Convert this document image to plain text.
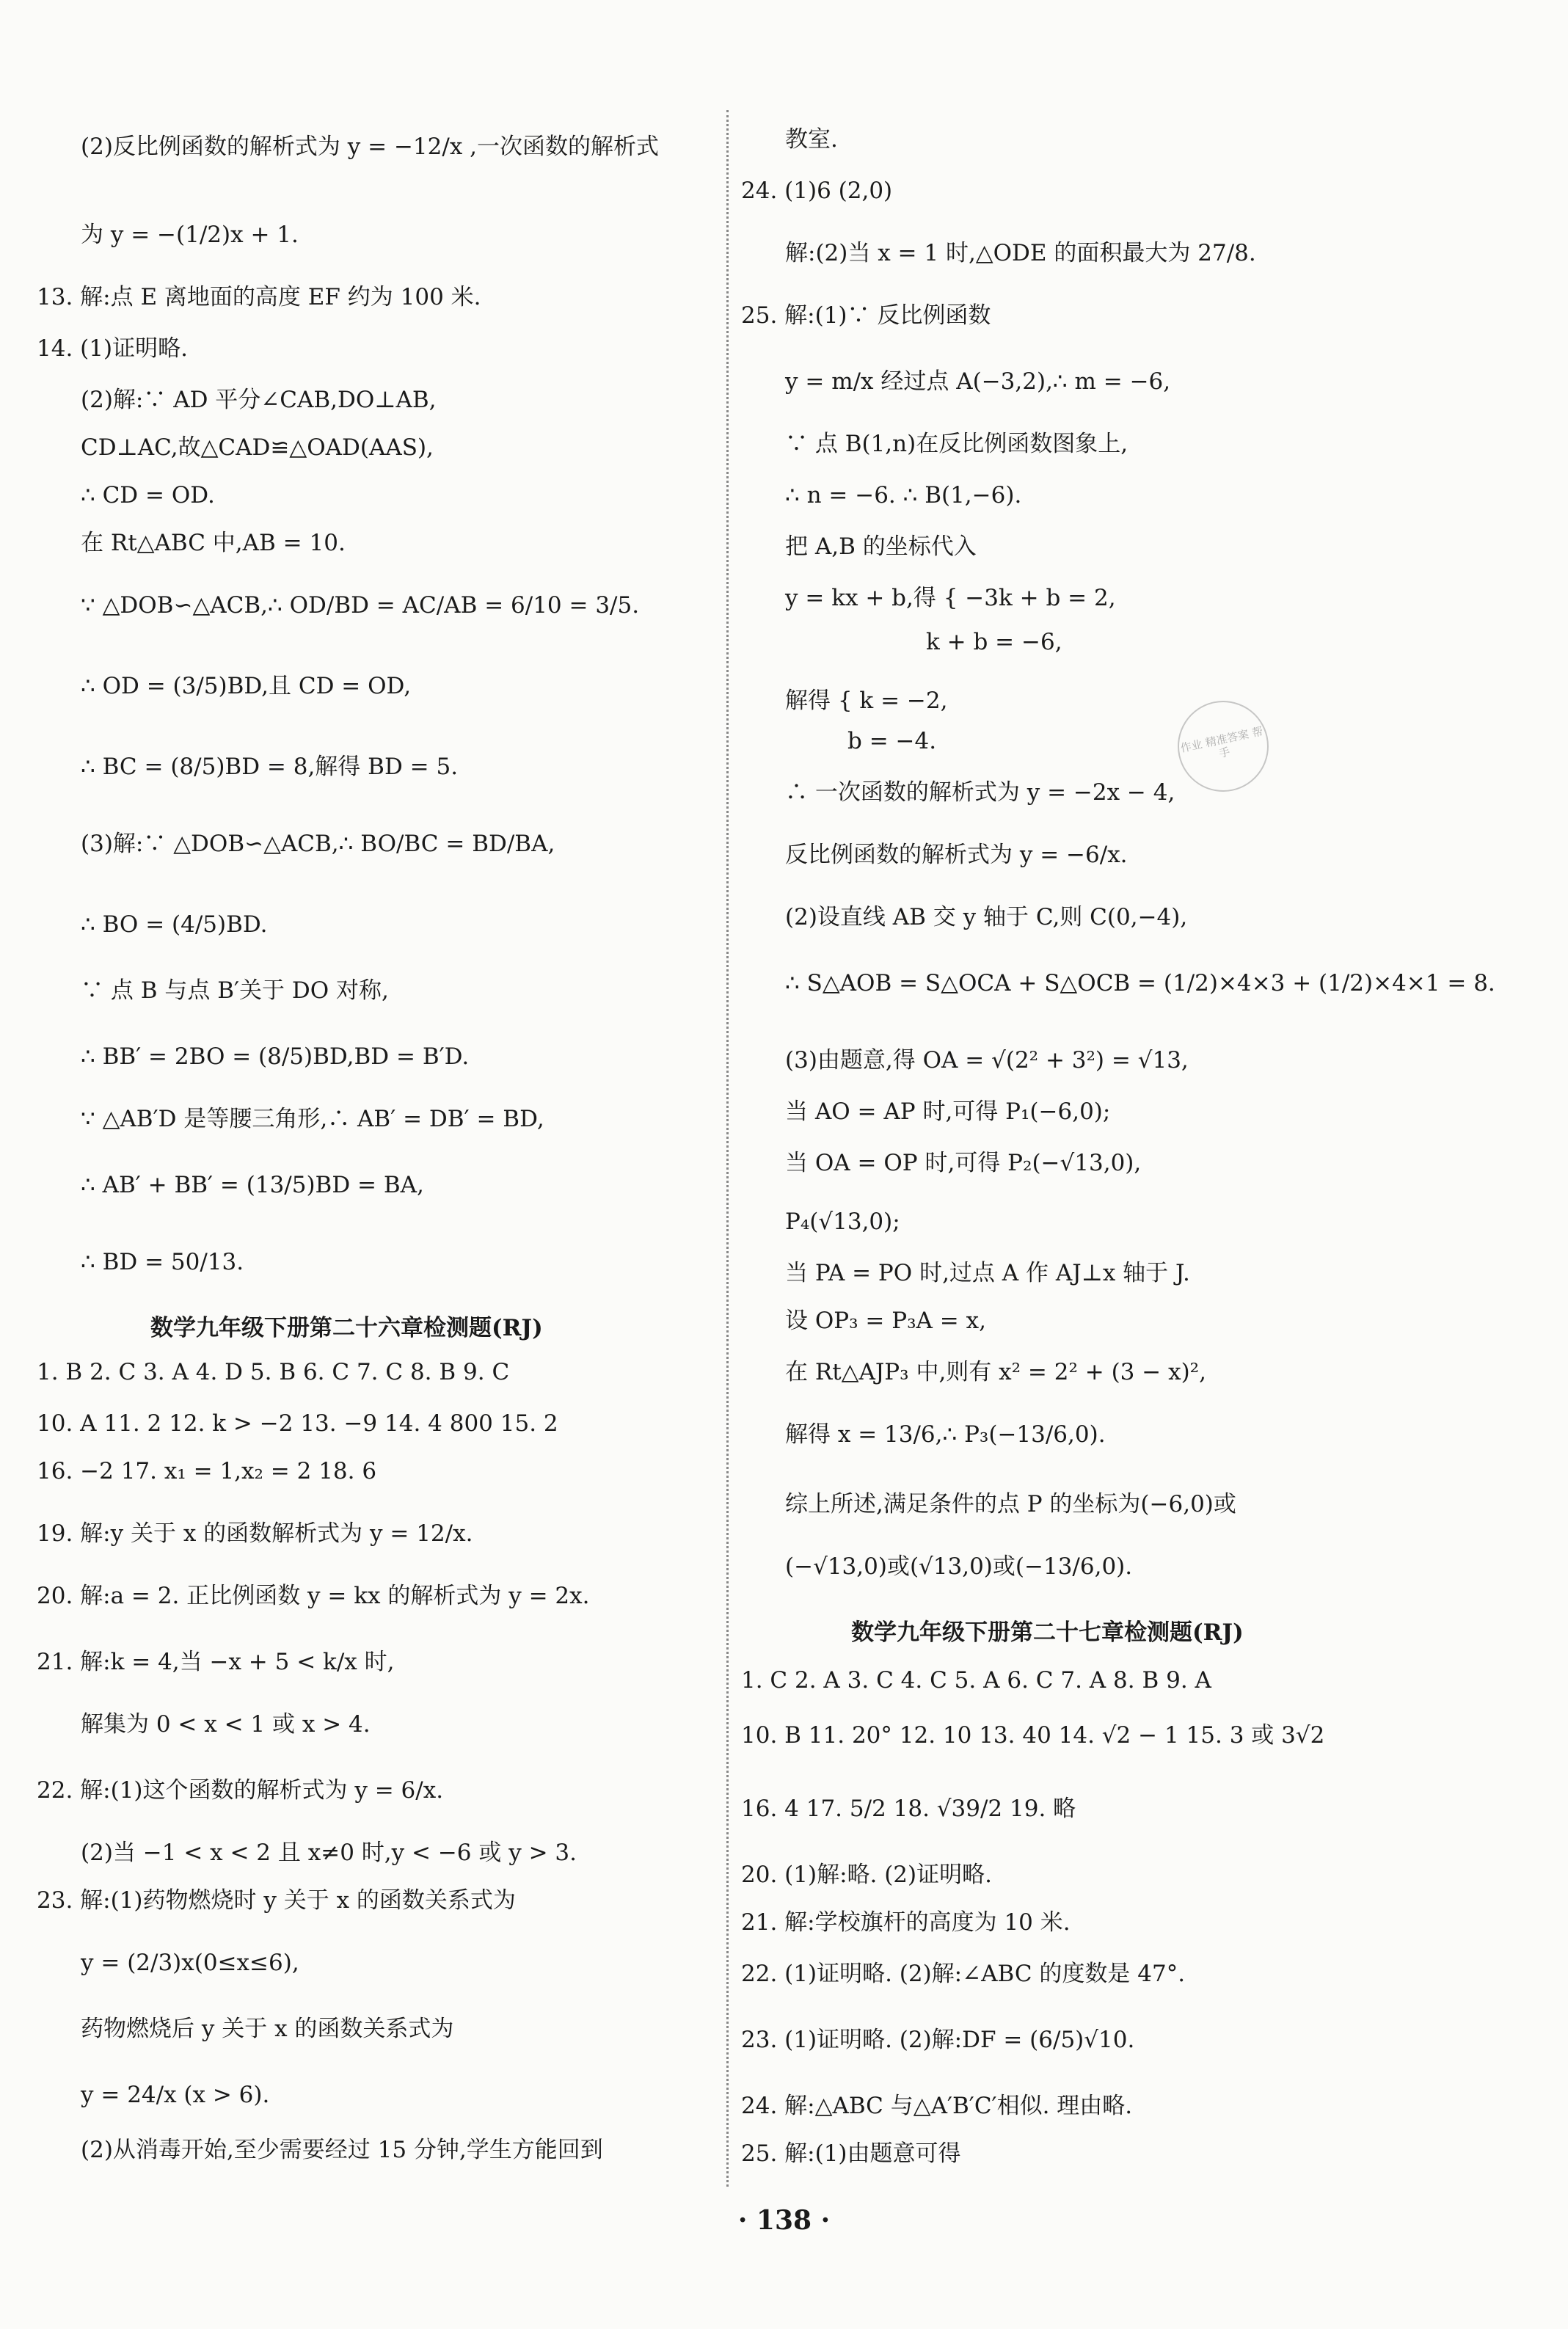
(2)反比例函数的解析式为 y = −12/x ,一次函数的解析式
为 y = −(1/2)x + 1.
13. 解:点 E 离地面的高度 EF 约为 100 米.
14. (1)证明略.
(2)解:∵ AD 平分∠CAB,DO⊥AB,
CD⊥AC,故△CAD≌△OAD(AAS),
∴ CD = OD.
在 Rt△ABC 中,AB = 10.
∵ △DOB∽△ACB,∴ OD/BD = AC/AB = 6/10 = 3/5.
∴ OD = (3/5)BD,且 CD = OD,
∴ BC = (8/5)BD = 8,解得 BD = 5.
(3)解:∵ △DOB∽△ACB,∴ BO/BC = BD/BA,
∴ BO = (4/5)BD.
∵ 点 B 与点 B′关于 DO 对称,
∴ BB′ = 2BO = (8/5)BD,BD = B′D.
∵ △AB′D 是等腰三角形,∴ AB′ = DB′ = BD,
∴ AB′ + BB′ = (13/5)BD = BA,
∴ BD = 50/13.
数学九年级下册第二十六章检测题(RJ)
1. B 2. C 3. A 4. D 5. B 6. C 7. C 8. B 9. C
10. A 11. 2 12. k > −2 13. −9 14. 4 800 15. 2
16. −2 17. x₁ = 1,x₂ = 2 18. 6
19. 解:y 关于 x 的函数解析式为 y = 12/x.
20. 解:a = 2. 正比例函数 y = kx 的解析式为 y = 2x.
21. 解:k = 4,当 −x + 5 < k/x 时,
解集为 0 < x < 1 或 x > 4.
22. 解:(1)这个函数的解析式为 y = 6/x.
(2)当 −1 < x < 2 且 x≠0 时,y < −6 或 y > 3.
23. 解:(1)药物燃烧时 y 关于 x 的函数关系式为
y = (2/3)x(0≤x≤6),
药物燃烧后 y 关于 x 的函数关系式为
y = 24/x (x > 6).
(2)从消毒开始,至少需要经过 15 分钟,学生方能回到
教室.
24. (1)6 (2,0)
解:(2)当 x = 1 时,△ODE 的面积最大为 27/8.
25. 解:(1)∵ 反比例函数
y = m/x 经过点 A(−3,2),∴ m = −6,
∵ 点 B(1,n)在反比例函数图象上,
∴ n = −6. ∴ B(1,−6).
把 A,B 的坐标代入
y = kx + b,得 { −3k + b = 2,
k + b = −6,
解得 { k = −2,
b = −4.
∴ 一次函数的解析式为 y = −2x − 4,
反比例函数的解析式为 y = −6/x.
(2)设直线 AB 交 y 轴于 C,则 C(0,−4),
∴ S△AOB = S△OCA + S△OCB = (1/2)×4×3 + (1/2)×4×1 = 8.
(3)由题意,得 OA = √(2² + 3²) = √13,
当 AO = AP 时,可得 P₁(−6,0);
当 OA = OP 时,可得 P₂(−√13,0),
P₄(√13,0);
当 PA = PO 时,过点 A 作 AJ⊥x 轴于 J.
设 OP₃ = P₃A = x,
在 Rt△AJP₃ 中,则有 x² = 2² + (3 − x)²,
解得 x = 13/6,∴ P₃(−13/6,0).
综上所述,满足条件的点 P 的坐标为(−6,0)或
(−√13,0)或(√13,0)或(−13/6,0).
数学九年级下册第二十七章检测题(RJ)
1. C 2. A 3. C 4. C 5. A 6. C 7. A 8. B 9. A
10. B 11. 20° 12. 10 13. 40 14. √2 − 1 15. 3 或 3√2
16. 4 17. 5/2 18. √39/2 19. 略
20. (1)解:略. (2)证明略.
21. 解:学校旗杆的高度为 10 米.
22. (1)证明略. (2)解:∠ABC 的度数是 47°.
23. (1)证明略. (2)解:DF = (6/5)√10.
24. 解:△ABC 与△A′B′C′相似. 理由略.
25. 解:(1)由题意可得
作业 精准答案 帮手
· 138 ·
